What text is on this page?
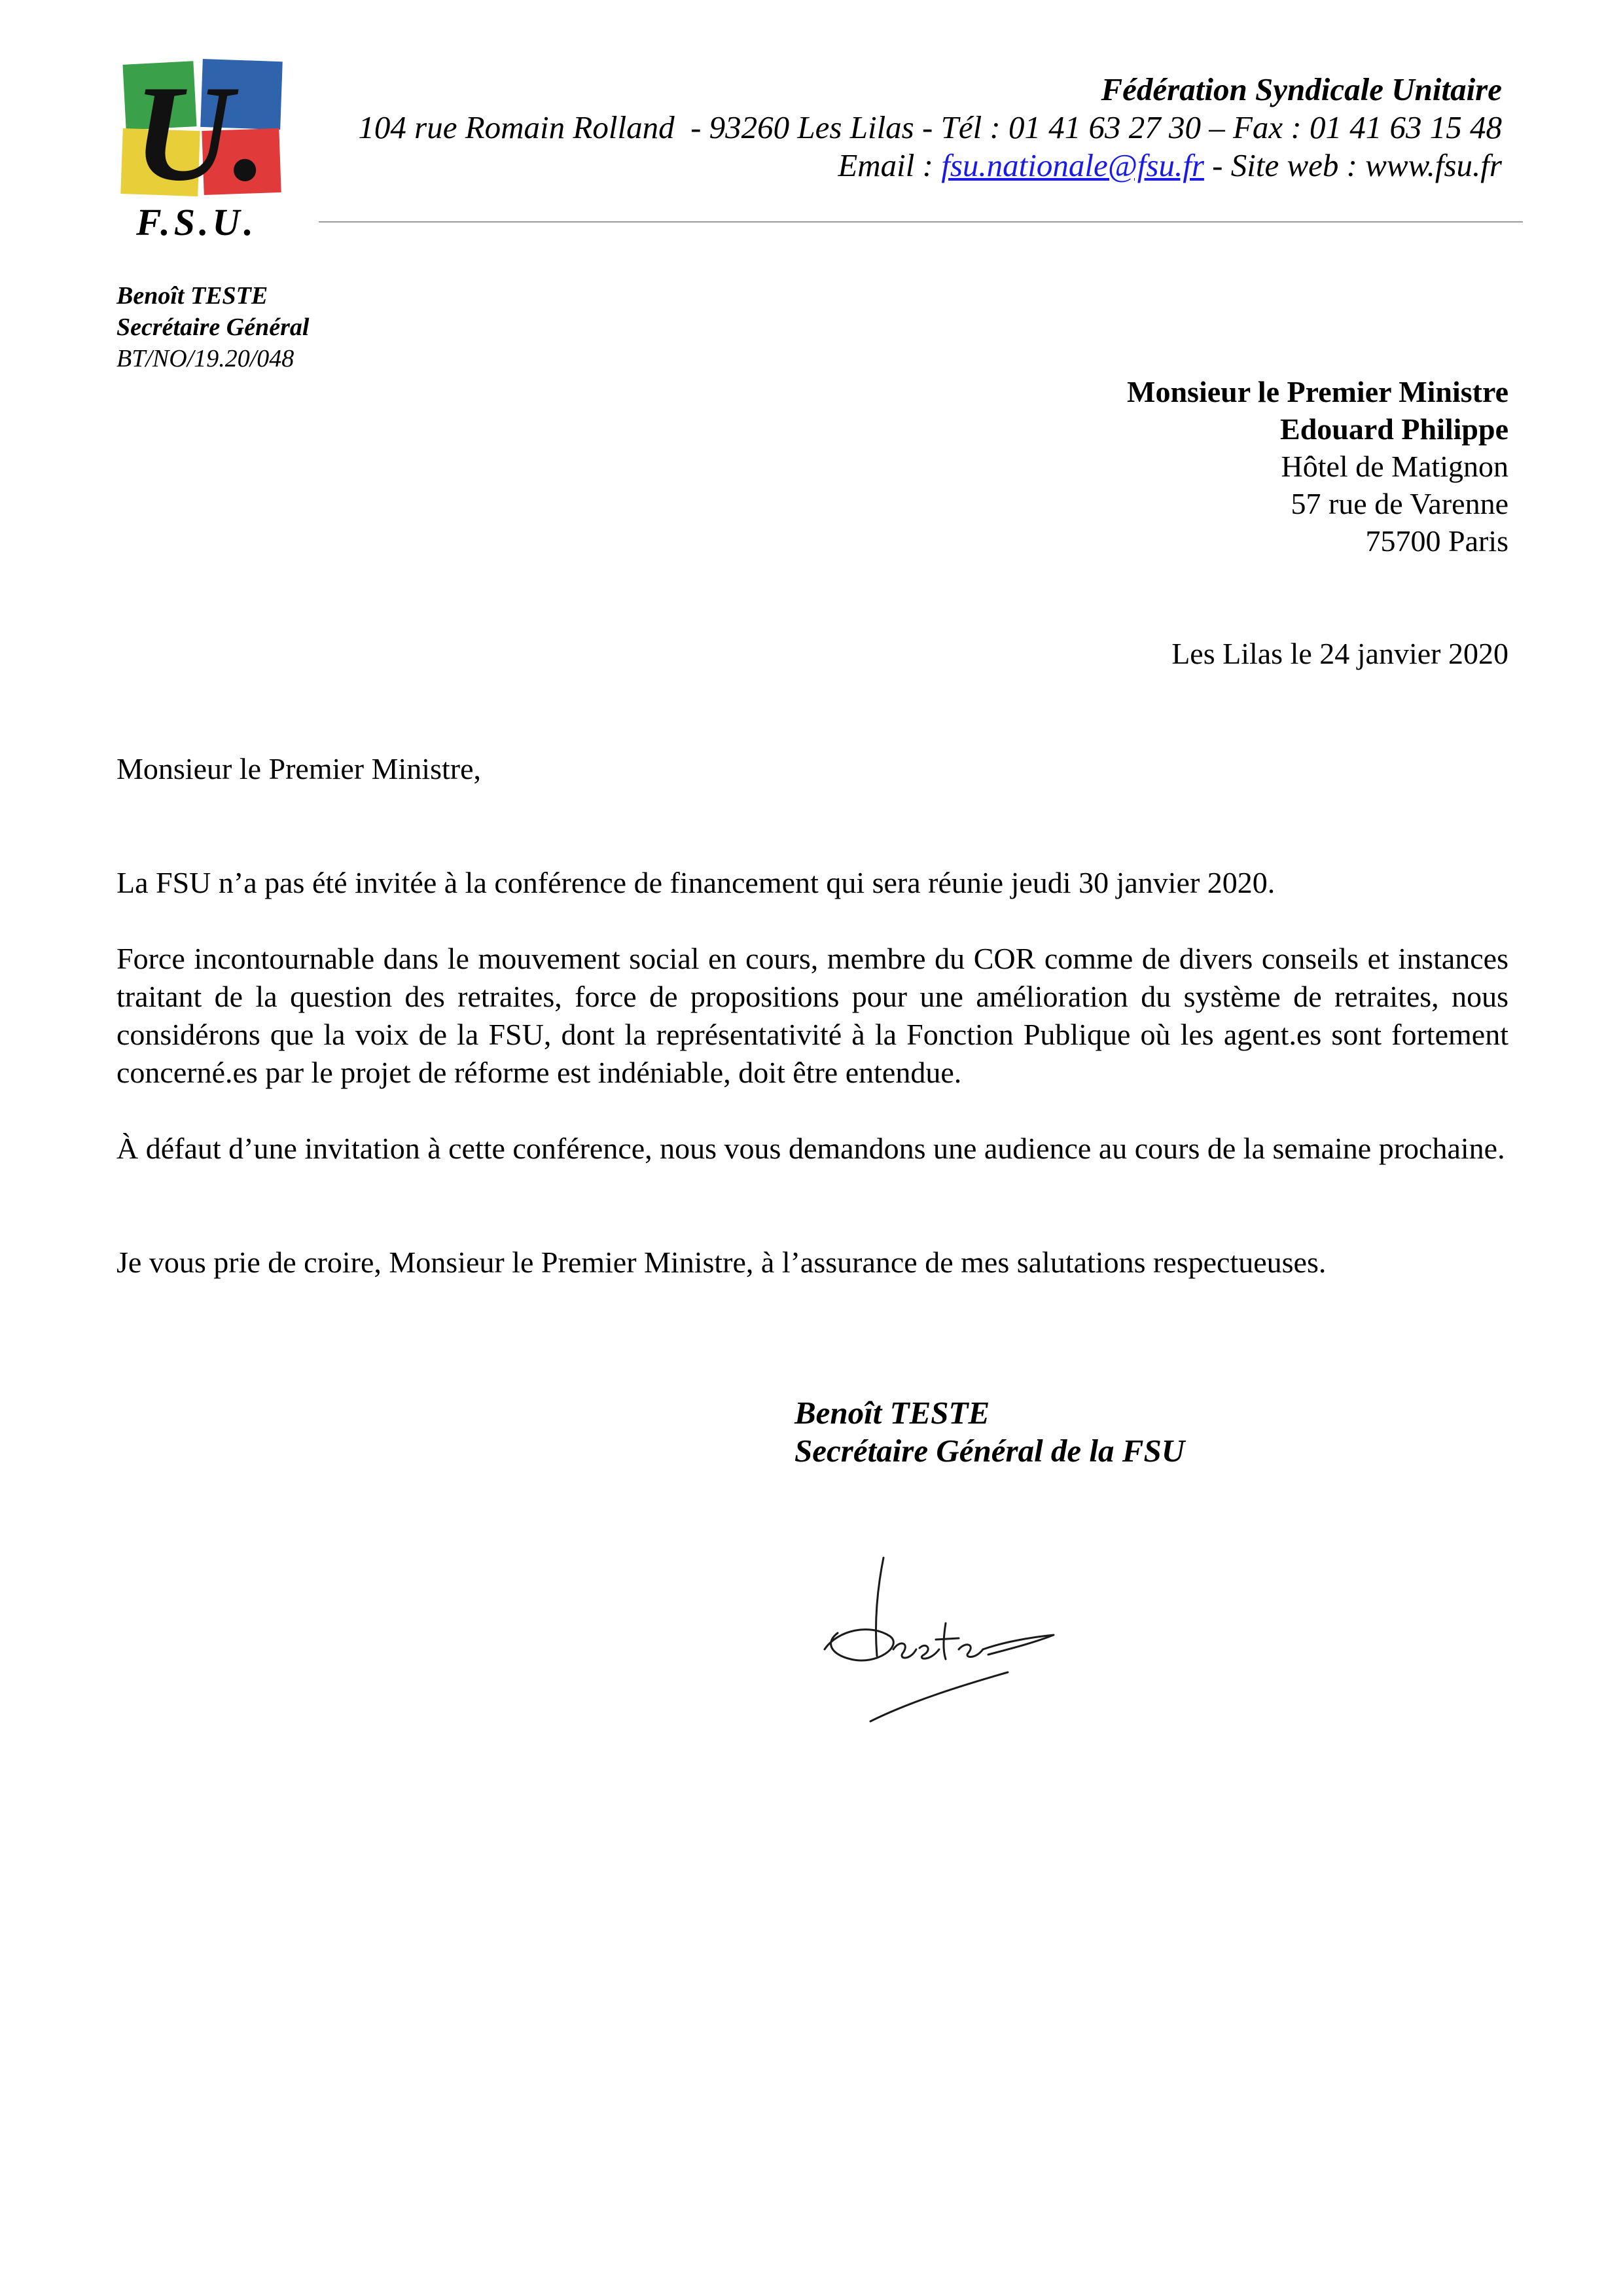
U.
F.S.U.
Fédération Syndicale Unitaire
104 rue Romain Rolland  - 93260 Les Lilas - Tél : 01 41 63 27 30 – Fax : 01 41 63 15 48
Email : fsu.nationale@fsu.fr - Site web : www.fsu.fr
Benoît TESTE
Secrétaire Général
BT/NO/19.20/048
Monsieur le Premier Ministre
Edouard Philippe
Hôtel de Matignon
57 rue de Varenne
75700 Paris
Les Lilas le 24 janvier 2020
Monsieur le Premier Ministre,
La FSU n’a pas été invitée à la conférence de financement qui sera réunie jeudi 30 janvier 2020.
Force incontournable dans le mouvement social en cours, membre du COR comme de divers conseils et instances traitant de la question des retraites, force de propositions pour une amélioration du système de retraites, nous considérons que la voix de la FSU, dont la représentativité à la Fonction Publique où les agent.es sont fortement concerné.es par le projet de réforme est indéniable, doit être entendue.
À défaut d’une invitation à cette conférence, nous vous demandons une audience au cours de la semaine prochaine.
Je vous prie de croire, Monsieur le Premier Ministre, à l’assurance de mes salutations respectueuses.
Benoît TESTE
Secrétaire Général de la FSU
